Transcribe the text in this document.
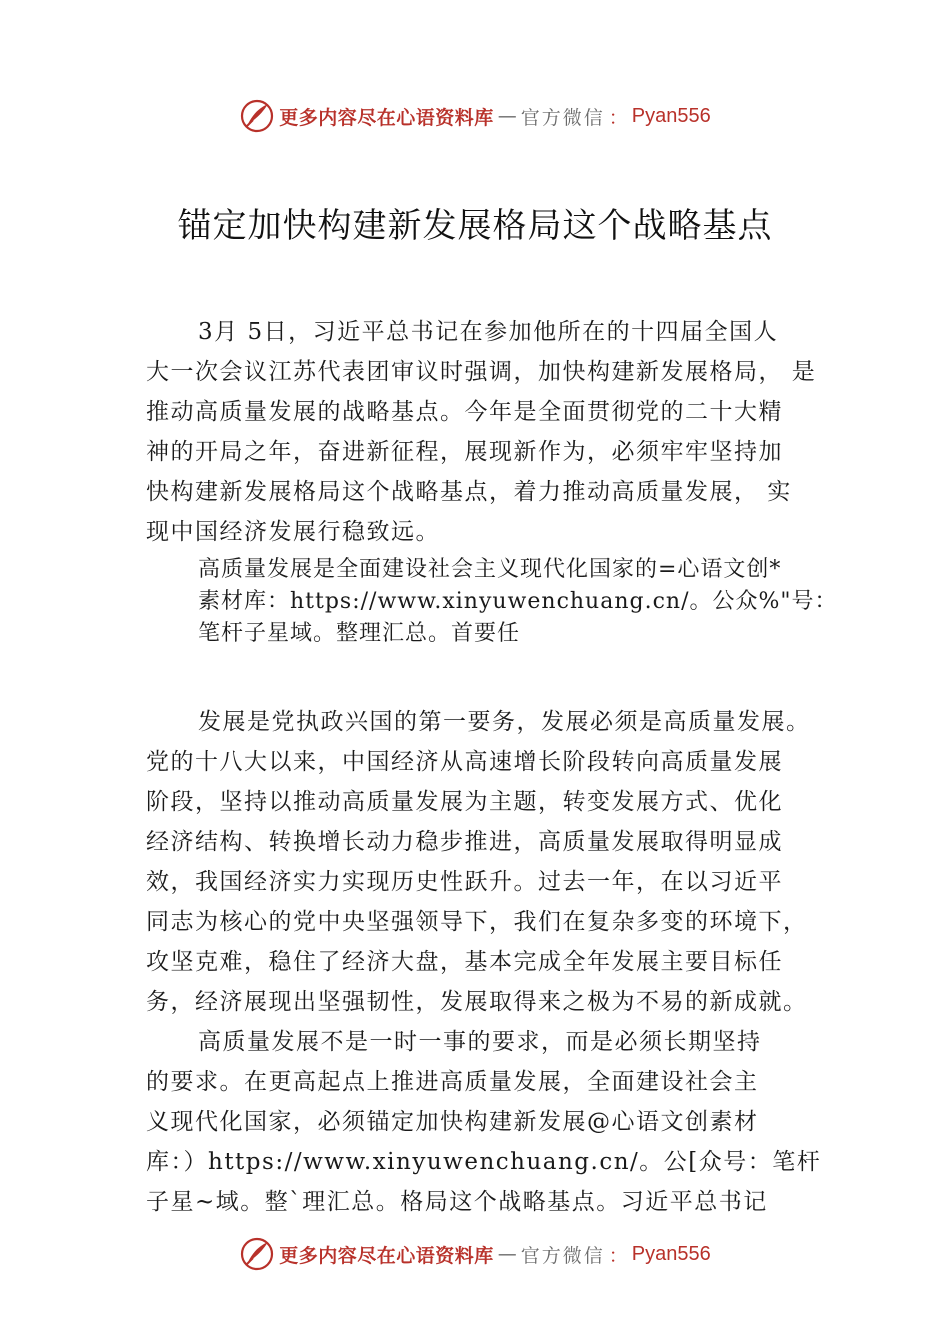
更多内容尽在心语资料库 — 官方微信 ： Pyan556
锚定加快构建新发展格局这个战略基点
3月 5日，习近平总书记在参加他所在的十四届全国人
大一次会议江苏代表团审议时强调，加快构建新发展格局， 是
推动高质量发展的战略基点。今年是全面贯彻党的二十大精
神的开局之年，奋进新征程，展现新作为，必须牢牢坚持加
快构建新发展格局这个战略基点，着力推动高质量发展， 实
现中国经济发展行稳致远。
高质量发展是全面建设社会主义现代化国家的=心语文创*
素材库：https://www.xinyuwenchuang.cn/。公众%"号：
笔杆子星域。整理汇总。首要任
发展是党执政兴国的第一要务，发展必须是高质量发展。
党的十八大以来，中国经济从高速增长阶段转向高质量发展
阶段，坚持以推动高质量发展为主题，转变发展方式、优化
经济结构、转换增长动力稳步推进，高质量发展取得明显成
效，我国经济实力实现历史性跃升。过去一年，在以习近平
同志为核心的党中央坚强领导下，我们在复杂多变的环境下，
攻坚克难，稳住了经济大盘，基本完成全年发展主要目标任
务，经济展现出坚强韧性，发展取得来之极为不易的新成就。
高质量发展不是一时一事的要求，而是必须长期坚持
的要求。在更高起点上推进高质量发展，全面建设社会主
义现代化国家，必须锚定加快构建新发展@心语文创素材
库：）https://www.xinyuwenchuang.cn/。公[众号：笔杆
子星~域。整`理汇总。格局这个战略基点。习近平总书记
更多内容尽在心语资料库 — 官方微信 ： Pyan556
